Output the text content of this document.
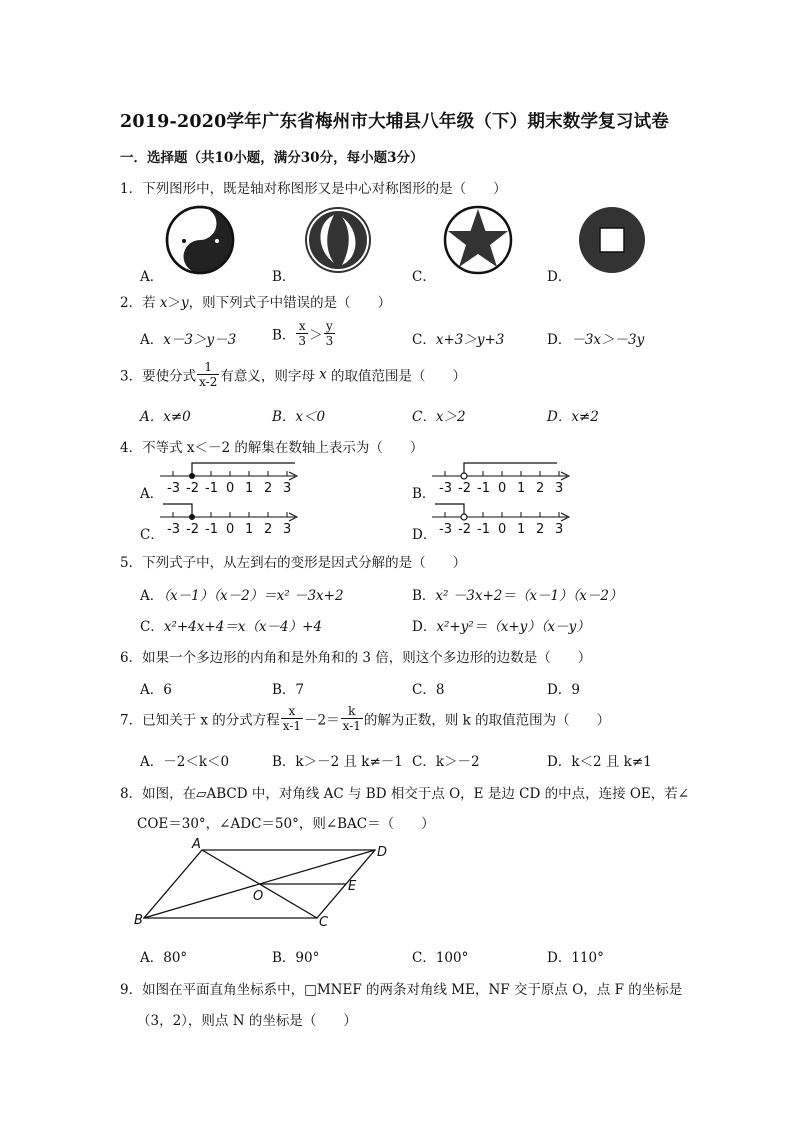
2019-2020学年广东省梅州市大埔县八年级（下）期末数学复习试卷
一．选择题（共10小题，满分30分，每小题3分）
1．下列图形中，既是轴对称图形又是中心对称图形的是（　　）
A．	B．	C．	D．
2．若 x＞y，则下列式子中错误的是（　　）
A．x－3＞y－3	B． $\frac{x}{3} > \frac{y}{3}$	C．x+3＞y+3	D．－3x＞－3y
3．要使分式 $\frac{1}{x-2}$ 有意义，则字母 x 的取值范围是（　　）
A．x≠0	B．x＜0	C．x＞2	D．x≠2
4．不等式 x＜－2 的解集在数轴上表示为（　　）
A． -3 -2 -1 0 1 2 3	B． -3 -2 -1 0 1 2 3
C． -3 -2 -1 0 1 2 3	D． -3 -2 -1 0 1 2 3
5．下列式子中，从左到右的变形是因式分解的是（　　）
A．（x－1）（x－2）＝x² －3x+2	B．x² －3x+2＝（x－1）（x－2）
C．x²+4x+4＝x（x－4）+4	D．x²+y²＝（x+y）（x－y）
6．如果一个多边形的内角和是外角和的 3 倍，则这个多边形的边数是（　　）
A．6	B．7	C．8	D．9
7．已知关于 x 的分式方程 $\frac{x}{x-1} -2= \frac{k}{x-1}$ 的解为正数，则 k 的取值范围为（　　）
A．－2＜k＜0	B．k＞－2 且 k≠－1 C．k＞－2	D．k＜2 且 k≠1
8．如图，在▱ABCD 中，对角线 AC 与 BD 相交于点 O，E 是边 CD 的中点，连接 OE，若∠
COE＝30°，∠ADC＝50°，则∠BAC＝（　　）
A
D
O
E
B	C
A．80°	B．90°	C．100°	D．110°
9．如图在平面直角坐标系中，□MNEF 的两条对角线 ME，NF 交于原点 O，点 F 的坐标是
（3，2），则点 N 的坐标是（　　）
